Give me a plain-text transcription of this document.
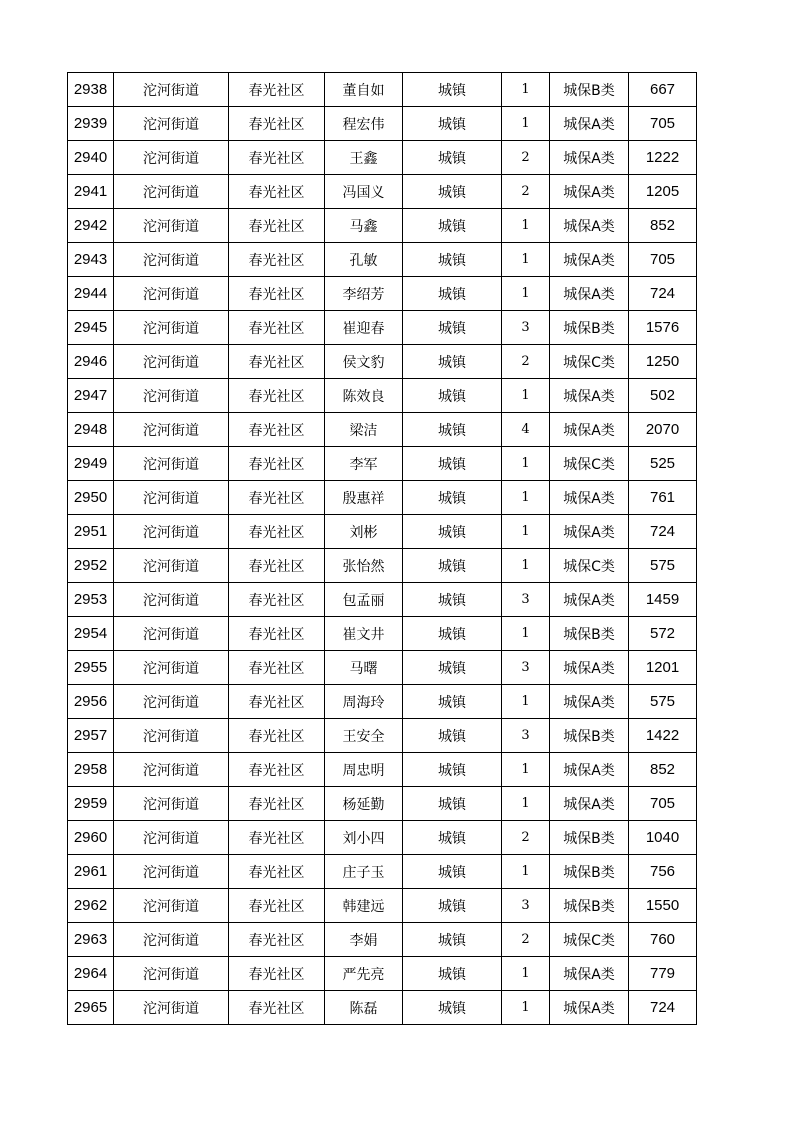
2938	沱河街道	春光社区	董自如	城镇	1	城保B类	667
2939	沱河街道	春光社区	程宏伟	城镇	1	城保A类	705
2940	沱河街道	春光社区	王鑫	城镇	2	城保A类	1222
2941	沱河街道	春光社区	冯国义	城镇	2	城保A类	1205
2942	沱河街道	春光社区	马鑫	城镇	1	城保A类	852
2943	沱河街道	春光社区	孔敏	城镇	1	城保A类	705
2944	沱河街道	春光社区	李绍芳	城镇	1	城保A类	724
2945	沱河街道	春光社区	崔迎春	城镇	3	城保B类	1576
2946	沱河街道	春光社区	侯文豹	城镇	2	城保C类	1250
2947	沱河街道	春光社区	陈效良	城镇	1	城保A类	502
2948	沱河街道	春光社区	梁洁	城镇	4	城保A类	2070
2949	沱河街道	春光社区	李军	城镇	1	城保C类	525
2950	沱河街道	春光社区	殷惠祥	城镇	1	城保A类	761
2951	沱河街道	春光社区	刘彬	城镇	1	城保A类	724
2952	沱河街道	春光社区	张怡然	城镇	1	城保C类	575
2953	沱河街道	春光社区	包孟丽	城镇	3	城保A类	1459
2954	沱河街道	春光社区	崔文井	城镇	1	城保B类	572
2955	沱河街道	春光社区	马曙	城镇	3	城保A类	1201
2956	沱河街道	春光社区	周海玲	城镇	1	城保A类	575
2957	沱河街道	春光社区	王安全	城镇	3	城保B类	1422
2958	沱河街道	春光社区	周忠明	城镇	1	城保A类	852
2959	沱河街道	春光社区	杨延勤	城镇	1	城保A类	705
2960	沱河街道	春光社区	刘小四	城镇	2	城保B类	1040
2961	沱河街道	春光社区	庄子玉	城镇	1	城保B类	756
2962	沱河街道	春光社区	韩建远	城镇	3	城保B类	1550
2963	沱河街道	春光社区	李娟	城镇	2	城保C类	760
2964	沱河街道	春光社区	严先亮	城镇	1	城保A类	779
2965	沱河街道	春光社区	陈磊	城镇	1	城保A类	724
